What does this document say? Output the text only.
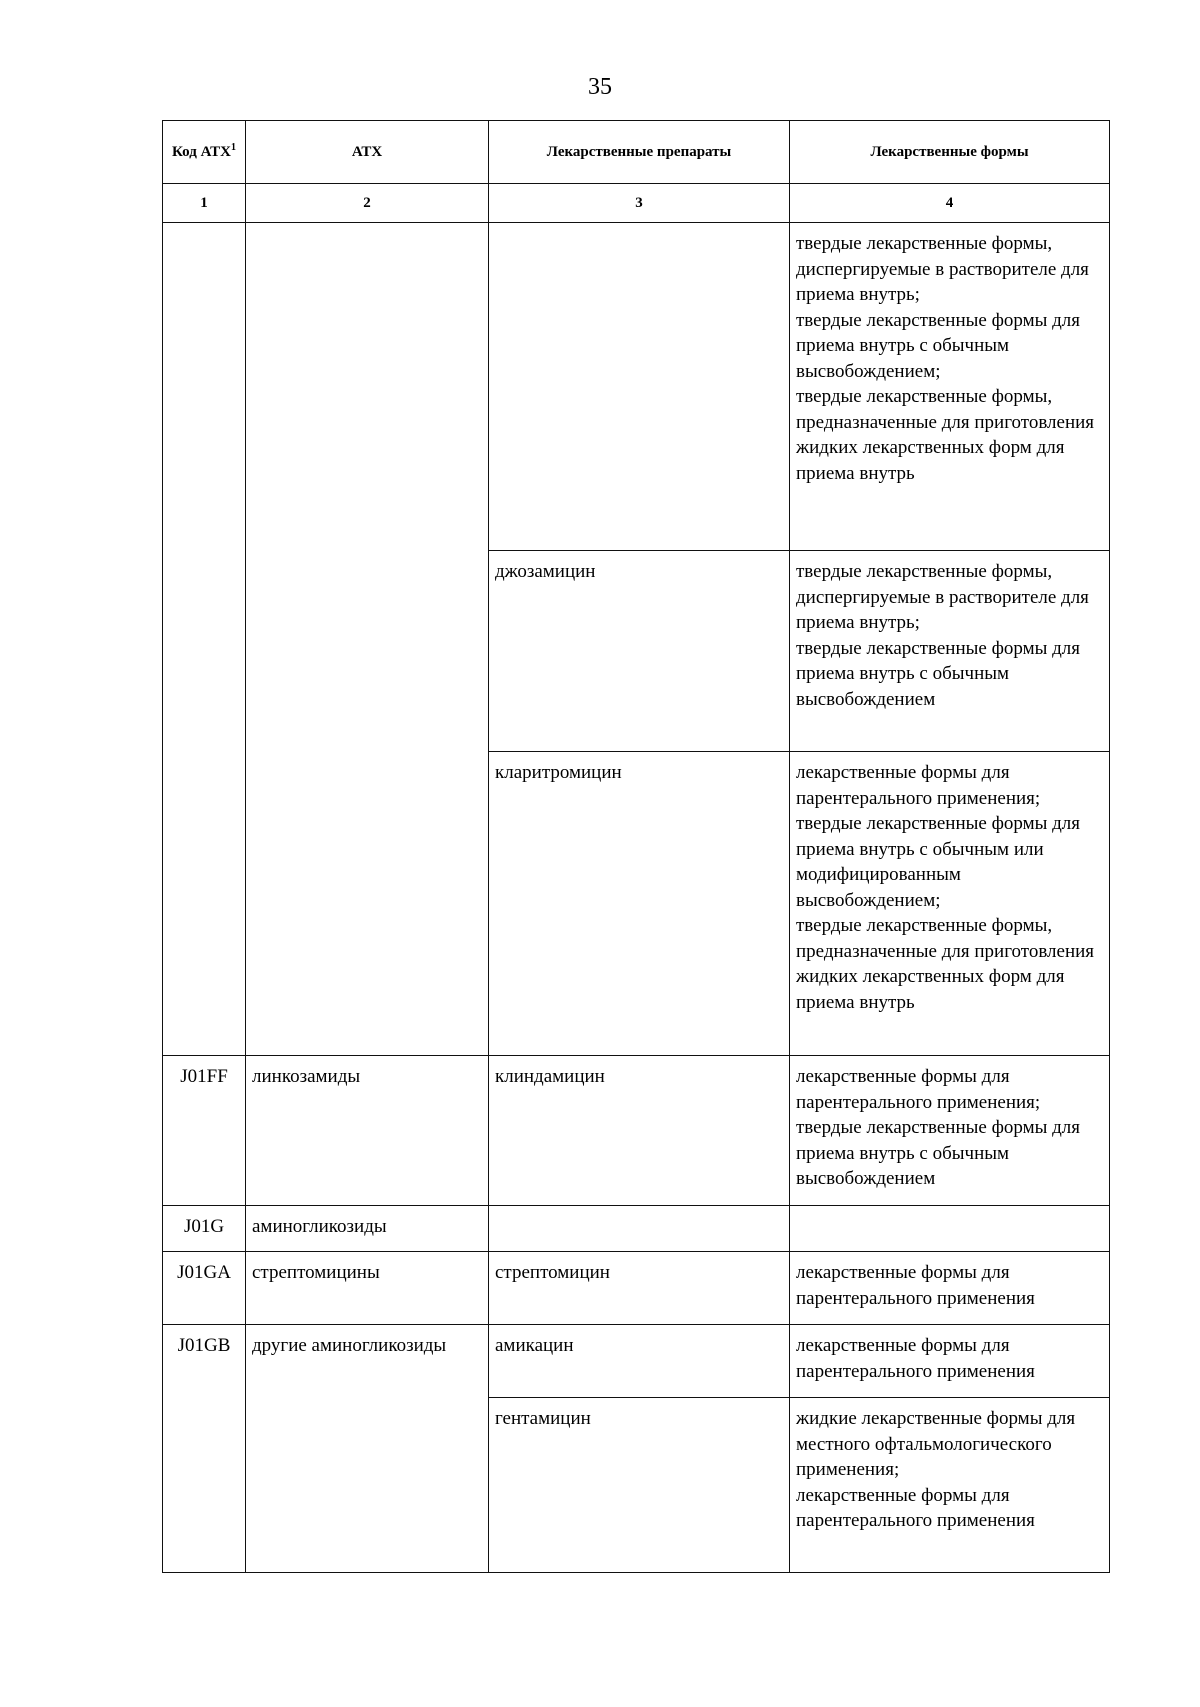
35
Код АТХ$^1$	АТХ	Лекарственные препараты	Лекарственные формы
1	2	3	4

			твердые лекарственные формы, диспергируемые в растворителе для приема внутрь;
твердые лекарственные формы для приема внутрь с обычным высвобождением;
твердые лекарственные формы, предназначенные для приготовления жидких лекарственных форм для приема внутрь

		джозамицин	твердые лекарственные формы, диспергируемые в растворителе для приема внутрь;
твердые лекарственные формы для приема внутрь с обычным высвобождением

		кларитромицин	лекарственные формы для парентерального применения;
твердые лекарственные формы для приема внутрь с обычным или модифицированным высвобождением;
твердые лекарственные формы, предназначенные для приготовления жидких лекарственных форм для приема внутрь

J01FF	линкозамиды	клиндамицин	лекарственные формы для парентерального применения;
твердые лекарственные формы для приема внутрь с обычным высвобождением

J01G	аминогликозиды		

J01GA	стрептомицины	стрептомицин	лекарственные формы для парентерального применения

J01GB	другие аминогликозиды	амикацин	лекарственные формы для парентерального применения

		гентамицин	жидкие лекарственные формы для местного офтальмологического применения;
лекарственные формы для парентерального применения
